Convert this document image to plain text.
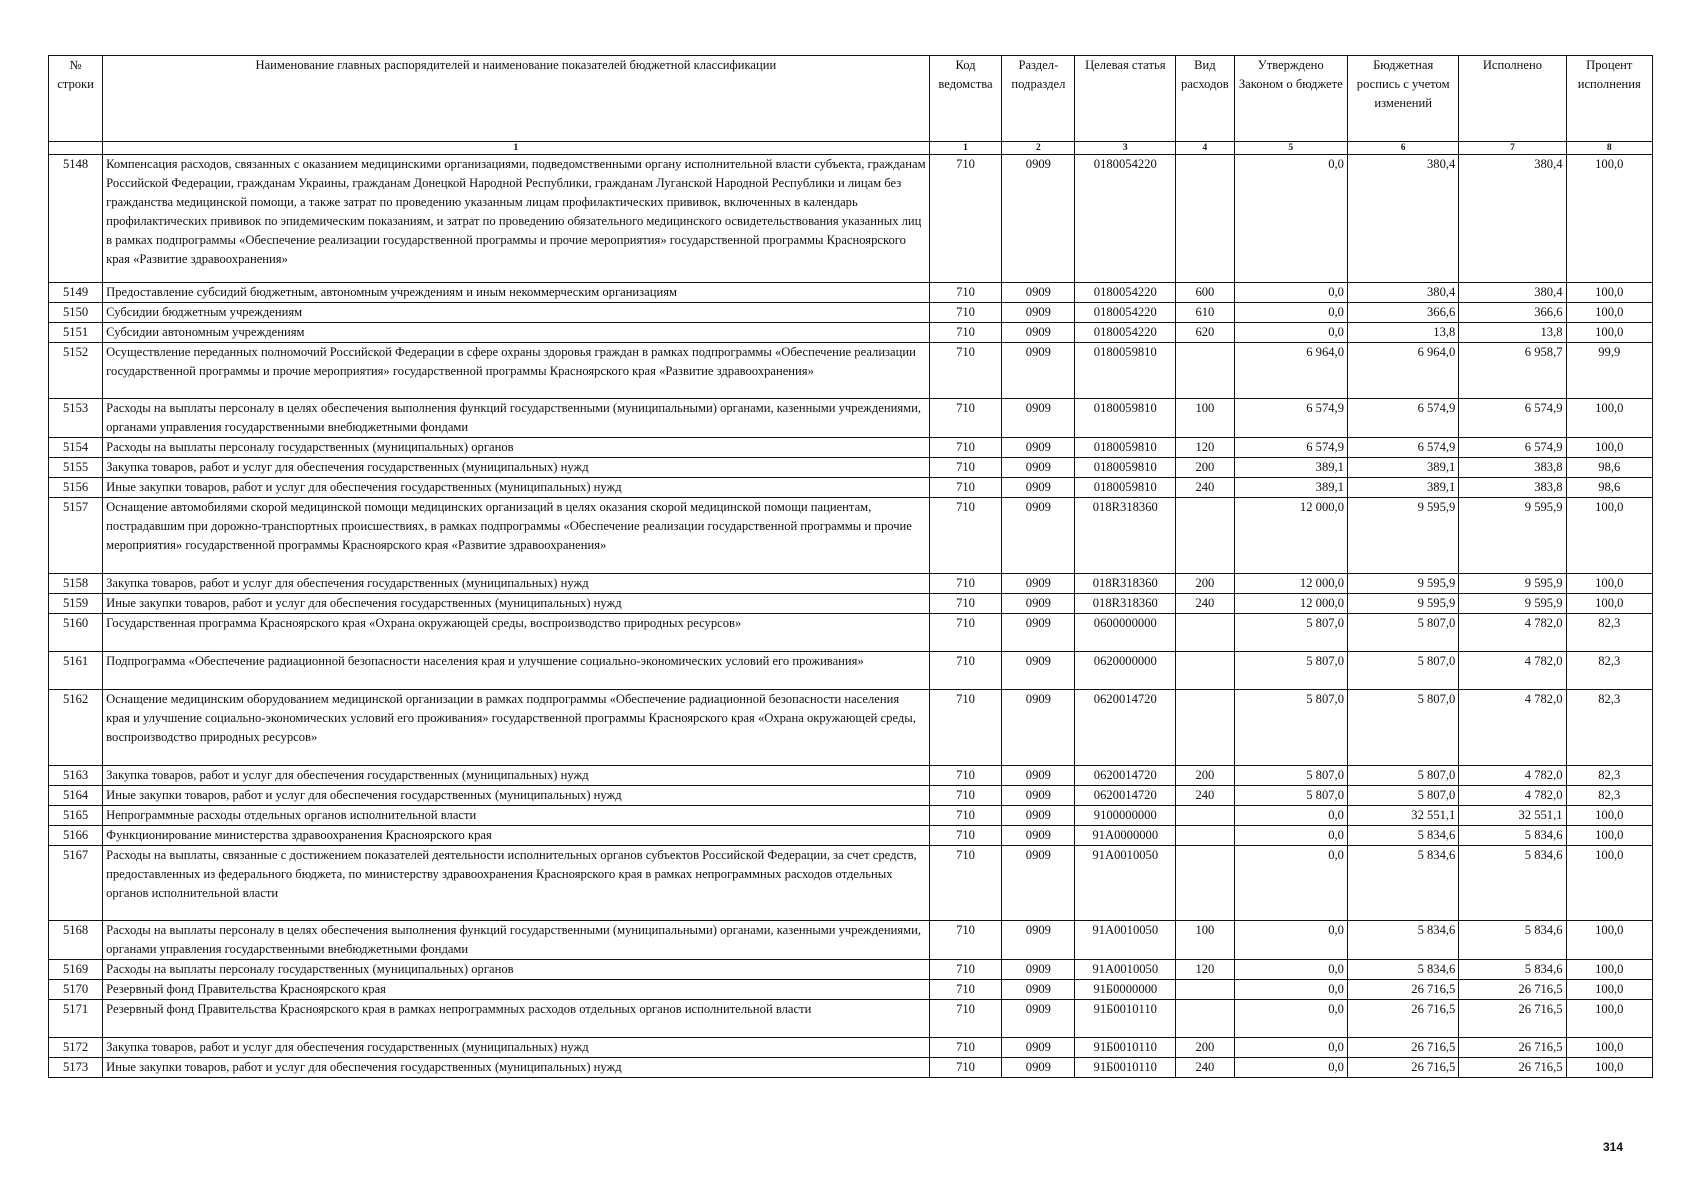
№ строки	Наименование главных распорядителей и наименование показателей бюджетной классификации	Код ведомства	Раздел-подраздел	Целевая статья	Вид расходов	Утверждено Законом о бюджете	Бюджетная роспись с учетом изменений	Исполнено	Процент исполнения
	1	1	2	3	4	5	6	7	8
5148	Компенсация расходов, связанных с оказанием медицинскими организациями, подведомственными органу исполнительной власти субъекта, гражданам Российской Федерации, гражданам Украины, гражданам Донецкой Народной Республики, гражданам Луганской Народной Республики и лицам без гражданства медицинской помощи, а также затрат по проведению указанным лицам профилактических прививок, включенных в календарь профилактических прививок по эпидемическим показаниям, и затрат по проведению обязательного медицинского освидетельствования указанных лиц в рамках подпрограммы «Обеспечение реализации государственной программы и прочие мероприятия» государственной программы Красноярского края «Развитие здравоохранения»	710	0909	0180054220		0,0	380,4	380,4	100,0
5149	Предоставление субсидий бюджетным, автономным учреждениям и иным некоммерческим организациям	710	0909	0180054220	600	0,0	380,4	380,4	100,0
5150	Субсидии бюджетным учреждениям	710	0909	0180054220	610	0,0	366,6	366,6	100,0
5151	Субсидии автономным учреждениям	710	0909	0180054220	620	0,0	13,8	13,8	100,0
5152	Осуществление переданных полномочий Российской Федерации в сфере охраны здоровья граждан в рамках подпрограммы «Обеспечение реализации государственной программы и прочие мероприятия» государственной программы Красноярского края «Развитие здравоохранения»	710	0909	0180059810		6 964,0	6 964,0	6 958,7	99,9
5153	Расходы на выплаты персоналу в целях обеспечения выполнения функций государственными (муниципальными) органами, казенными учреждениями, органами управления государственными внебюджетными фондами	710	0909	0180059810	100	6 574,9	6 574,9	6 574,9	100,0
5154	Расходы на выплаты персоналу государственных (муниципальных) органов	710	0909	0180059810	120	6 574,9	6 574,9	6 574,9	100,0
5155	Закупка товаров, работ и услуг для обеспечения государственных (муниципальных) нужд	710	0909	0180059810	200	389,1	389,1	383,8	98,6
5156	Иные закупки товаров, работ и услуг для обеспечения государственных (муниципальных) нужд	710	0909	0180059810	240	389,1	389,1	383,8	98,6
5157	Оснащение автомобилями скорой медицинской помощи медицинских организаций в целях оказания скорой медицинской помощи пациентам, пострадавшим при дорожно-транспортных происшествиях, в рамках подпрограммы «Обеспечение реализации государственной программы и прочие мероприятия» государственной программы Красноярского края «Развитие здравоохранения»	710	0909	018R318360		12 000,0	9 595,9	9 595,9	100,0
5158	Закупка товаров, работ и услуг для обеспечения государственных (муниципальных) нужд	710	0909	018R318360	200	12 000,0	9 595,9	9 595,9	100,0
5159	Иные закупки товаров, работ и услуг для обеспечения государственных (муниципальных) нужд	710	0909	018R318360	240	12 000,0	9 595,9	9 595,9	100,0
5160	Государственная программа Красноярского края «Охрана окружающей среды, воспроизводство природных ресурсов»	710	0909	0600000000		5 807,0	5 807,0	4 782,0	82,3
5161	Подпрограмма «Обеспечение радиационной безопасности населения края и улучшение социально-экономических условий его проживания»	710	0909	0620000000		5 807,0	5 807,0	4 782,0	82,3
5162	Оснащение медицинским оборудованием медицинской организации в рамках подпрограммы «Обеспечение радиационной безопасности населения края и улучшение социально-экономических условий его проживания» государственной программы Красноярского края «Охрана окружающей среды, воспроизводство природных ресурсов»	710	0909	0620014720		5 807,0	5 807,0	4 782,0	82,3
5163	Закупка товаров, работ и услуг для обеспечения государственных (муниципальных) нужд	710	0909	0620014720	200	5 807,0	5 807,0	4 782,0	82,3
5164	Иные закупки товаров, работ и услуг для обеспечения государственных (муниципальных) нужд	710	0909	0620014720	240	5 807,0	5 807,0	4 782,0	82,3
5165	Непрограммные расходы отдельных органов исполнительной власти	710	0909	9100000000		0,0	32 551,1	32 551,1	100,0
5166	Функционирование министерства здравоохранения Красноярского края	710	0909	91А0000000		0,0	5 834,6	5 834,6	100,0
5167	Расходы на выплаты, связанные с достижением показателей деятельности исполнительных органов субъектов Российской Федерации, за счет средств, предоставленных из федерального бюджета, по министерству здравоохранения Красноярского края в рамках непрограммных расходов отдельных органов исполнительной власти	710	0909	91А0010050		0,0	5 834,6	5 834,6	100,0
5168	Расходы на выплаты персоналу в целях обеспечения выполнения функций государственными (муниципальными) органами, казенными учреждениями, органами управления государственными внебюджетными фондами	710	0909	91А0010050	100	0,0	5 834,6	5 834,6	100,0
5169	Расходы на выплаты персоналу государственных (муниципальных) органов	710	0909	91А0010050	120	0,0	5 834,6	5 834,6	100,0
5170	Резервный фонд Правительства Красноярского края	710	0909	91Б0000000		0,0	26 716,5	26 716,5	100,0
5171	Резервный фонд Правительства Красноярского края в рамках непрограммных расходов отдельных органов исполнительной власти	710	0909	91Б0010110		0,0	26 716,5	26 716,5	100,0
5172	Закупка товаров, работ и услуг для обеспечения государственных (муниципальных) нужд	710	0909	91Б0010110	200	0,0	26 716,5	26 716,5	100,0
5173	Иные закупки товаров, работ и услуг для обеспечения государственных (муниципальных) нужд	710	0909	91Б0010110	240	0,0	26 716,5	26 716,5	100,0
314
